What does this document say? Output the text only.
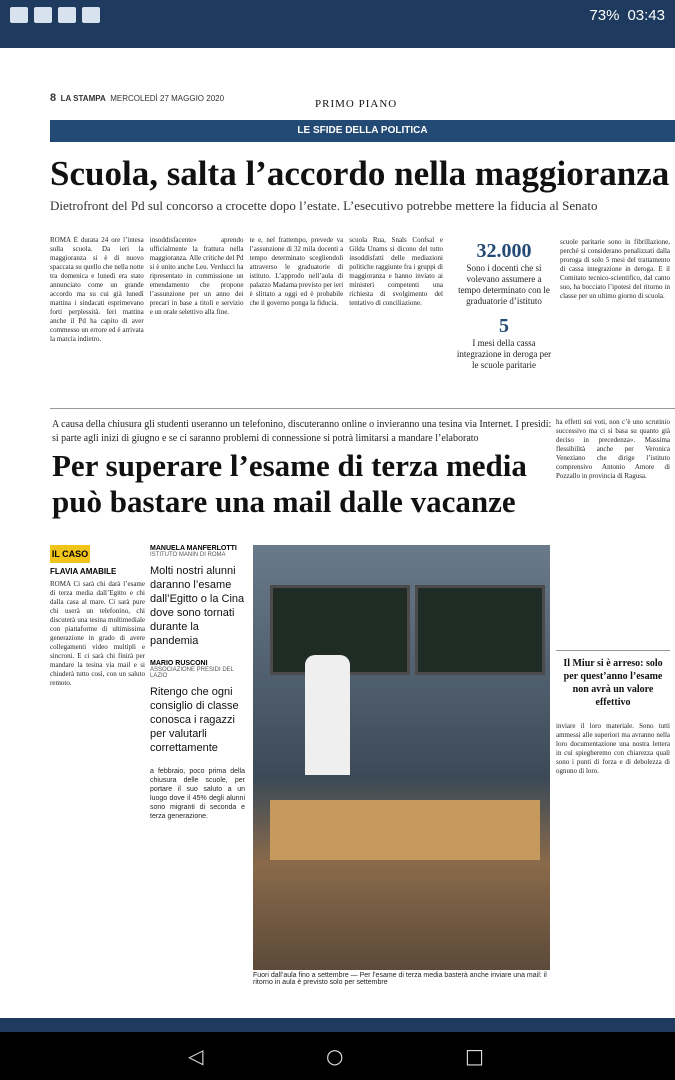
73% 03:43
8 LA STAMPA MERCOLEDÌ 27 MAGGIO 2020	PRIMO PIANO
LE SFIDE DELLA POLITICA
Scuola, salta l’accordo nella maggioranza
Dietrofront del Pd sul concorso a crocette dopo l’estate. L’esecutivo potrebbe mettere la fiducia al Senato
ROMA È durata 24 ore l’intesa sulla scuola. Da ieri la maggioranza si è di nuovo spaccata su quello che nella notte tra domenica e lunedì era stato annunciato come un grande accordo ma su cui già lunedì mattina i sindacati esprimevano forti perplessità. Ieri mattina anche il Pd ha capito di aver commesso un errore ed è arrivata la marcia indietro.
insoddisfacente» aprendo ufficialmente la frattura nella maggioranza. Alle critiche del Pd si è unito anche Leu. Verducci ha ripresentato in commissione un emendamento che propone l’assunzione per un anno dei precari in base a titoli e servizio e un orale selettivo alla fine.
te e, nel frattempo, prevede va l’assunzione di 32 mila docenti a tempo determinato scegliendoli attraverso le graduatorie di istituto. L’approdo nell’aula di palazzo Madama previsto per ieri è slittato a oggi ed è probabile che il governo ponga la fiducia.
scuola Rua, Snals Confsal e Gilda Unams si dicono del tutto insoddisfatti delle mediazioni politiche raggiunte fra i gruppi di maggioranza e hanno inviato ai ministeri competenti una richiesta di svolgimento del tentativo di conciliazione.
32.000

Sono i docenti che si volevano assumere a tempo determinato con le graduatorie d’istituto

5

I mesi della cassa integrazione in deroga per le scuole paritarie

scuole paritarie sono in fibrillazione, perché si considerano penalizzati dalla proroga di solo 5 mesi del trattamento di cassa integrazione in deroga. E il Comitato tecnico-scientifico, dal canto suo, ha bocciato l’ipotesi del ritorno in classe per un ultimo giorno di scuola.
A causa della chiusura gli studenti useranno un telefonino, discuteranno online o invieranno una tesina via Internet. I presidi: si parte agli inizi di giugno e se ci saranno problemi di connessione si potrà limitarsi a mandare l’elaborato
Per superare l’esame di terza media può bastare una mail dalle vacanze
IL CASO
FLAVIA AMABILE
ROMA Ci sarà chi darà l’esame di terza media dall’Egitto e chi dalla casa al mare. Ci sarà pure chi userà un telefonino, chi discuterà una tesina multimediale con piattaforme di ultimissima generazione in grado di avere collegamenti video multipli e sincroni. E ci sarà chi finirà per mandare la tesina via mail e si chiuderà tutto così, con un saluto remoto.
MANUELA MANFERLOTTI
ISTITUTO MANIN DI ROMA
Molti nostri alunni daranno l’esame dall’Egitto o la Cina dove sono tornati durante la pandemia
MARIO RUSCONI
ASSOCIAZIONE PRESIDI DEL LAZIO
Ritengo che ogni consiglio di classe conosca i ragazzi per valutarli correttamente
a febbraio, poco prima della chiusura delle scuole, per portare il suo saluto a un luogo dove il 45% degli alunni sono migranti di seconda e terza generazione.
Fuori dall’aula fino a settembre — Per l’esame di terza media basterà anche inviare una mail: il ritorno in aula è previsto solo per settembre
ha effetti sui voti, non c’è uno scrutinio successivo ma ci si basa su quanto già deciso in precedenza». Massima flessibilità anche per Veronica Veneziano che dirige l’istituto comprensivo Antonio Amore di Pozzallo in provincia di Ragusa.
Il Miur si è arreso: solo per quest’anno l’esame non avrà un valore effettivo
inviare il loro materiale. Sono tutti ammessi alle superiori ma avranno nella loro documentazione una nostra lettera in cui spiegheremo con chiarezza quali sono i punti di forza e di debolezza di ognuno di loro.
◁	○	□
